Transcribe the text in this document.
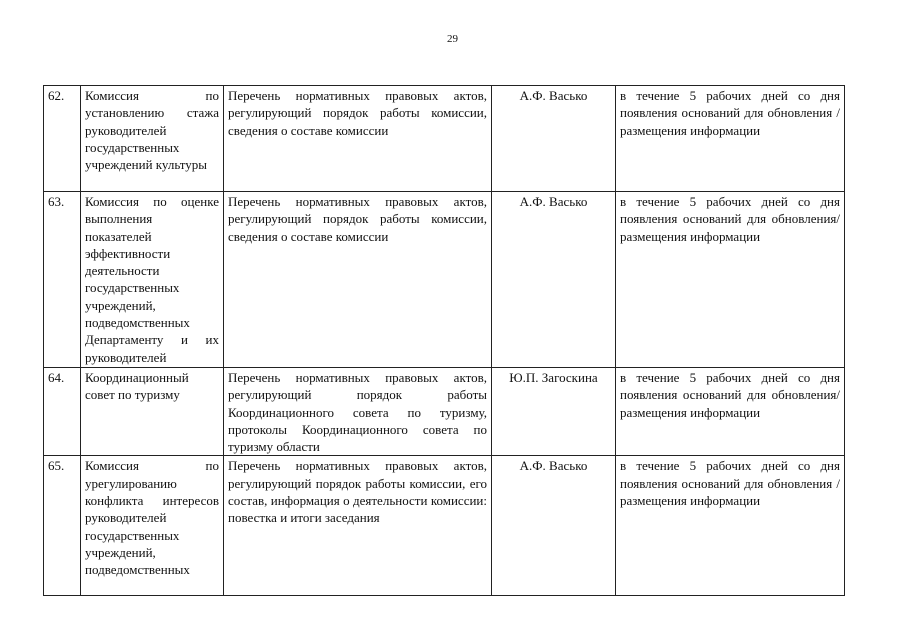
29
62.	Комиссия по установлению стажа руководителей государственных учреждений культуры	Перечень нормативных правовых актов, регулирующий порядок работы комиссии, сведения о составе комиссии	А.Ф. Васько	в течение 5 рабочих дней со дня появления оснований для обновления /размещения информации
63.	Комиссия по оценке выполнения показателей эффективности деятельности государственных учреждений, подведомственных Департаменту и их руководителей	Перечень нормативных правовых актов, регулирующий порядок работы комиссии, сведения о составе комиссии	А.Ф. Васько	в течение 5 рабочих дней со дня появления оснований для обновления/размещения информации
64.	Координационный совет по туризму	Перечень нормативных правовых актов, регулирующий порядок работы Координационного совета по туризму, протоколы Координационного совета по туризму области	Ю.П. Загоскина	в течение 5 рабочих дней со дня появления оснований для обновления/размещения информации
65.	Комиссия по урегулированию конфликта интересов руководителей государственных учреждений, подведомственных	Перечень нормативных правовых актов, регулирующий порядок работы комиссии, его состав, информация о деятельности комиссии: повестка и итоги заседания	А.Ф. Васько	в течение 5 рабочих дней со дня появления оснований для обновления /размещения информации
